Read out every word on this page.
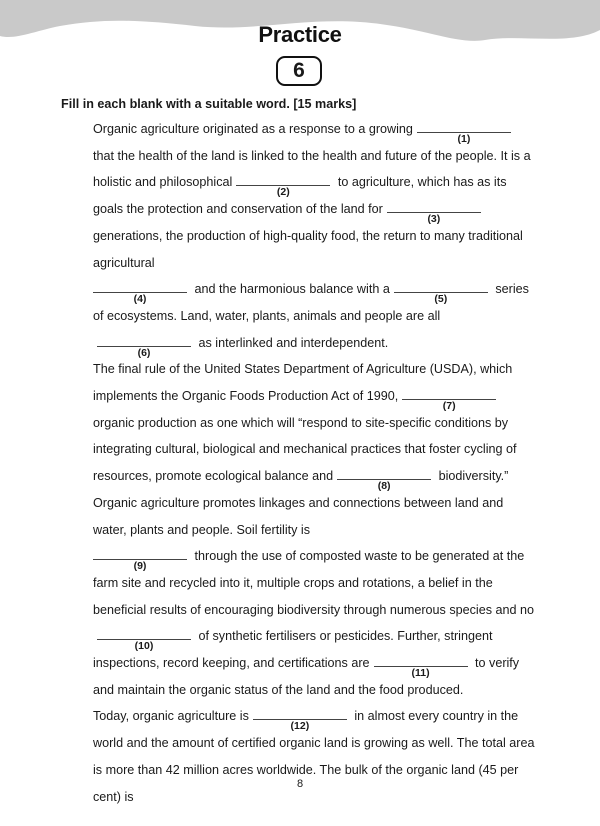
Practice
6
Fill in each blank with a suitable word. [15 marks]

Organic agriculture originated as a response to a growing
(1)
that the health of the land is linked to the health and future of the people. It is a holistic and philosophical
(2)
to agriculture, which has as its goals the protection and conservation of the land for
(3)
generations, the production of high-quality food, the return to many traditional agricultural

(4)
and the harmonious balance with a
(5)
series of ecosystems. Land, water, plants, animals and people are all
(6)
as interlinked and interdependent.

The final rule of the United States Department of Agriculture (USDA), which implements the Organic Foods Production Act of 1990,
(7)
organic production as one which will “respond to site-specific conditions by integrating cultural, biological and mechanical practices that foster cycling of resources, promote ecological balance and
(8)
biodiversity.” Organic agriculture promotes linkages and connections between land and water, plants and people. Soil fertility is

(9)
through the use of composted waste to be generated at the farm site and recycled into it, multiple crops and rotations, a belief in the beneficial results of encouraging biodiversity through numerous species and no
(10)
of synthetic fertilisers or pesticides. Further, stringent inspections, record keeping, and certifications are
(11)
to verify and maintain the organic status of the land and the food produced.

Today, organic agriculture is
(12)
in almost every country in the world and the amount of certified organic land is growing as well. The total area is more than 42 million acres worldwide. The bulk of the organic land (45 per cent) is

8
